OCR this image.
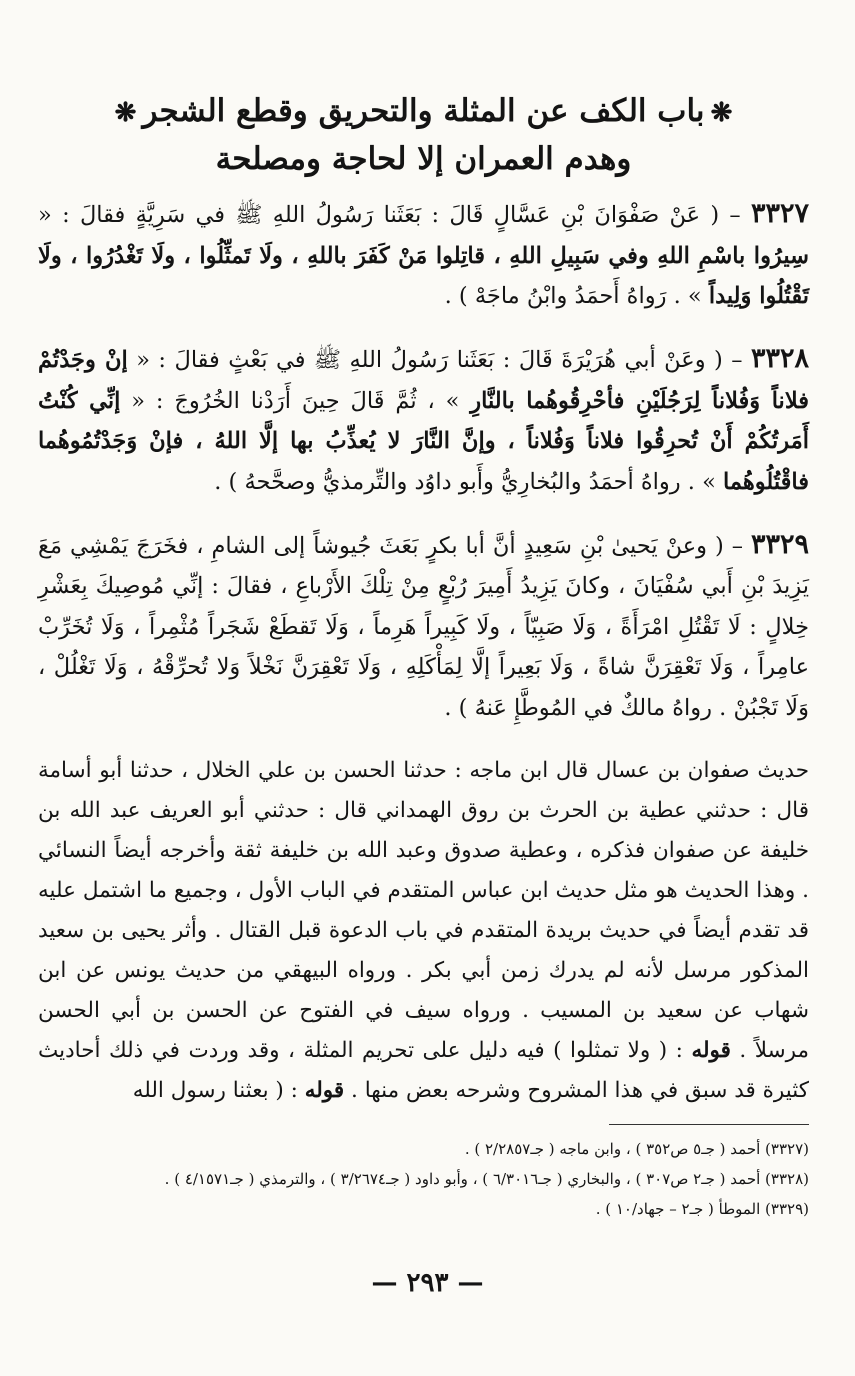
❋باب الكف عن المثلة والتحريق وقطع الشجر❋
وهدم العمران إلا لحاجة ومصلحة

٣٣٢٧ – ( عَنْ صَفْوَانَ بْنِ عَسَّالٍ قَالَ : بَعَثَنا رَسُولُ اللهِ ﷺ في سَرِيَّةٍ فقالَ : « سِيرُوا باسْمِ اللهِ وفي سَبِيلِ اللهِ ، قاتِلوا مَنْ كَفَرَ باللهِ ، ولَا تَمثِّلُوا ، ولَا تَغْدُرُوا ، ولَا تَقْتُلُوا وَلِيداً » . رَواهُ أَحمَدُ وابْنُ ماجَهْ ) .

٣٣٢٨ – ( وعَنْ أبي هُرَيْرَةَ قَالَ : بَعَثَنا رَسُولُ اللهِ ﷺ في بَعْثٍ فقالَ : « إنْ وجَدْتُمْ فلاناً وَفُلاناً لِرَجُلَيْنِ فأحْرِقُوهُما بالنَّارِ » ، ثُمَّ قَالَ حِينَ أَرَدْنا الخُرُوجَ : « إنِّي كُنْتُ أَمَرتُكُمْ أَنْ تُحرِقُوا فلاناً وَفُلاناً ، وإنَّ النَّارَ لا يُعذِّبُ بها إلَّا اللهُ ، فإنْ وَجَدْتُمُوهُما فاقْتُلُوهُما » . رواهُ أحمَدُ والبُخارِيُّ وأَبو داوُد والتِّرمذيُّ وصحَّحهُ ) .

٣٣٢٩ – ( وعنْ يَحيىٰ بْنِ سَعِيدٍ أنَّ أبا بكرٍ بَعَثَ جُيوشاً إلى الشامِ ، فخَرَجَ يَمْشِي مَعَ يَزِيدَ بْنِ أَبي سُفْيَانَ ، وكانَ يَزِيدُ أَمِيرَ رُبْعٍ مِنْ تِلْكَ الأَرْباعِ ، فقالَ : إنِّي مُوصِيكَ بِعَشْرِ خِلالٍ : لَا تَقْتُلِ امْرَأَةً ، وَلَا صَبِيّاً ، ولَا كَبِيراً هَرِماً ، وَلَا تَقطَعْ شَجَراً مُثْمِراً ، وَلَا تُخَرِّبْ عامِراً ، وَلَا تَعْقِرَنَّ شاةً ، وَلَا بَعِيراً إلَّا لِمَأْكَلِهِ ، وَلَا تَعْقِرَنَّ نَخْلاً وَلا تُحرِّقْهُ ، وَلَا تَغْلُلْ ، وَلَا تَجْبُنْ . رواهُ مالكٌ في المُوطَّإِ عَنهُ ) .

حديث صفوان بن عسال قال ابن ماجه : حدثنا الحسن بن علي الخلال ، حدثنا أبو أسامة قال : حدثني عطية بن الحرث بن روق الهمداني قال : حدثني أبو العريف عبد الله بن خليفة عن صفوان فذكره ، وعطية صدوق وعبد الله بن خليفة ثقة وأخرجه أيضاً النسائي . وهذا الحديث هو مثل حديث ابن عباس المتقدم في الباب الأول ، وجميع ما اشتمل عليه قد تقدم أيضاً في حديث بريدة المتقدم في باب الدعوة قبل القتال . وأثر يحيى بن سعيد المذكور مرسل لأنه لم يدرك زمن أبي بكر . ورواه البيهقي من حديث يونس عن ابن شهاب عن سعيد بن المسيب . ورواه سيف في الفتوح عن الحسن بن أبي الحسن مرسلاً . قوله : ( ولا تمثلوا ) فيه دليل على تحريم المثلة ، وقد وردت في ذلك أحاديث كثيرة قد سبق في هذا المشروح وشرحه بعض منها . قوله : ( بعثنا رسول الله

(٣٣٢٧) أحمد ( جـ٥ ص٣٥٢ ) ، وابن ماجه ( جـ٢/٢٨٥٧ ) .
(٣٣٢٨) أحمد ( جـ٢ ص٣٠٧ ) ، والبخاري ( جـ٦/٣٠١٦ ) ، وأبو داود ( جـ٣/٢٦٧٤ ) ، والترمذي ( جـ٤/١٥٧١ ) .
(٣٣٢٩) الموطأ ( جـ٢ – جهاد/١٠ ) .
— ٢٩٣ —
